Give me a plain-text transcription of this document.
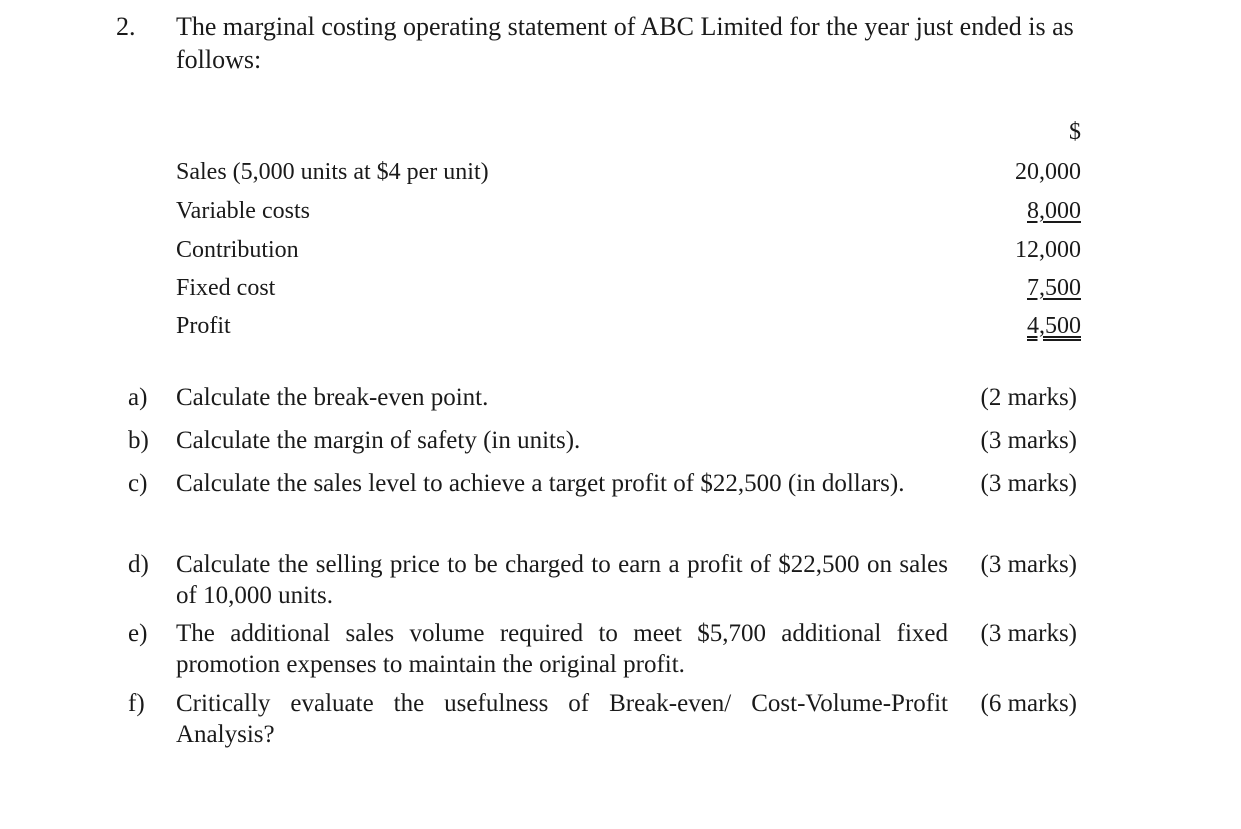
2. The marginal costing operating statement of ABC Limited for the year just ended is as follows:
$
Sales (5,000 units at $4 per unit)	20,000
Variable costs	8,000
Contribution	12,000
Fixed cost	7,500
Profit	4,500
a) Calculate the break-even point.	(2 marks)
b) Calculate the margin of safety (in units).	(3 marks)
c) Calculate the sales level to achieve a target profit of $22,500 (in dollars).	(3 marks)
d) Calculate the selling price to be charged to earn a profit of $22,500 on sales of 10,000 units.
(3 marks)
e) The additional sales volume required to meet $5,700 additional fixed promotion expenses to maintain the original profit.
(3 marks)
f) Critically evaluate the usefulness of Break-even/ Cost-Volume-Profit Analysis?
(6 marks)
